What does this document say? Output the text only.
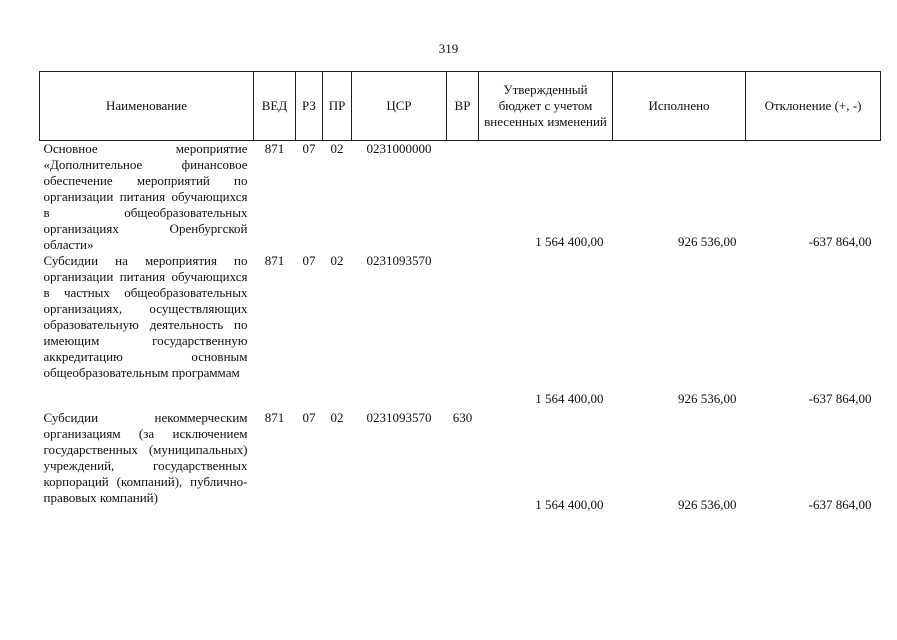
319
Наименование	ВЕД	РЗ	ПР	ЦСР	ВР	Утвержденный бюджет с учетом внесенных изменений	Исполнено	Отклонение (+, -)
Основное мероприятие «Дополнительное финансовое обеспечение мероприятий по организации питания обучающихся в общеобразовательных организациях Оренбургской области»	871	07	02	0231000000		1 564 400,00	926 536,00	-637 864,00
Субсидии на мероприятия по организации питания обучающихся в частных общеобразовательных организациях, осуществляющих образовательную деятельность по имеющим государственную аккредитацию основным общеобразовательным программам	871	07	02	0231093570		1 564 400,00	926 536,00	-637 864,00
Субсидии некоммерческим организациям (за исключением государственных (муниципальных) учреждений, государственных корпораций (компаний), публично-правовых компаний)	871	07	02	0231093570	630	1 564 400,00	926 536,00	-637 864,00
